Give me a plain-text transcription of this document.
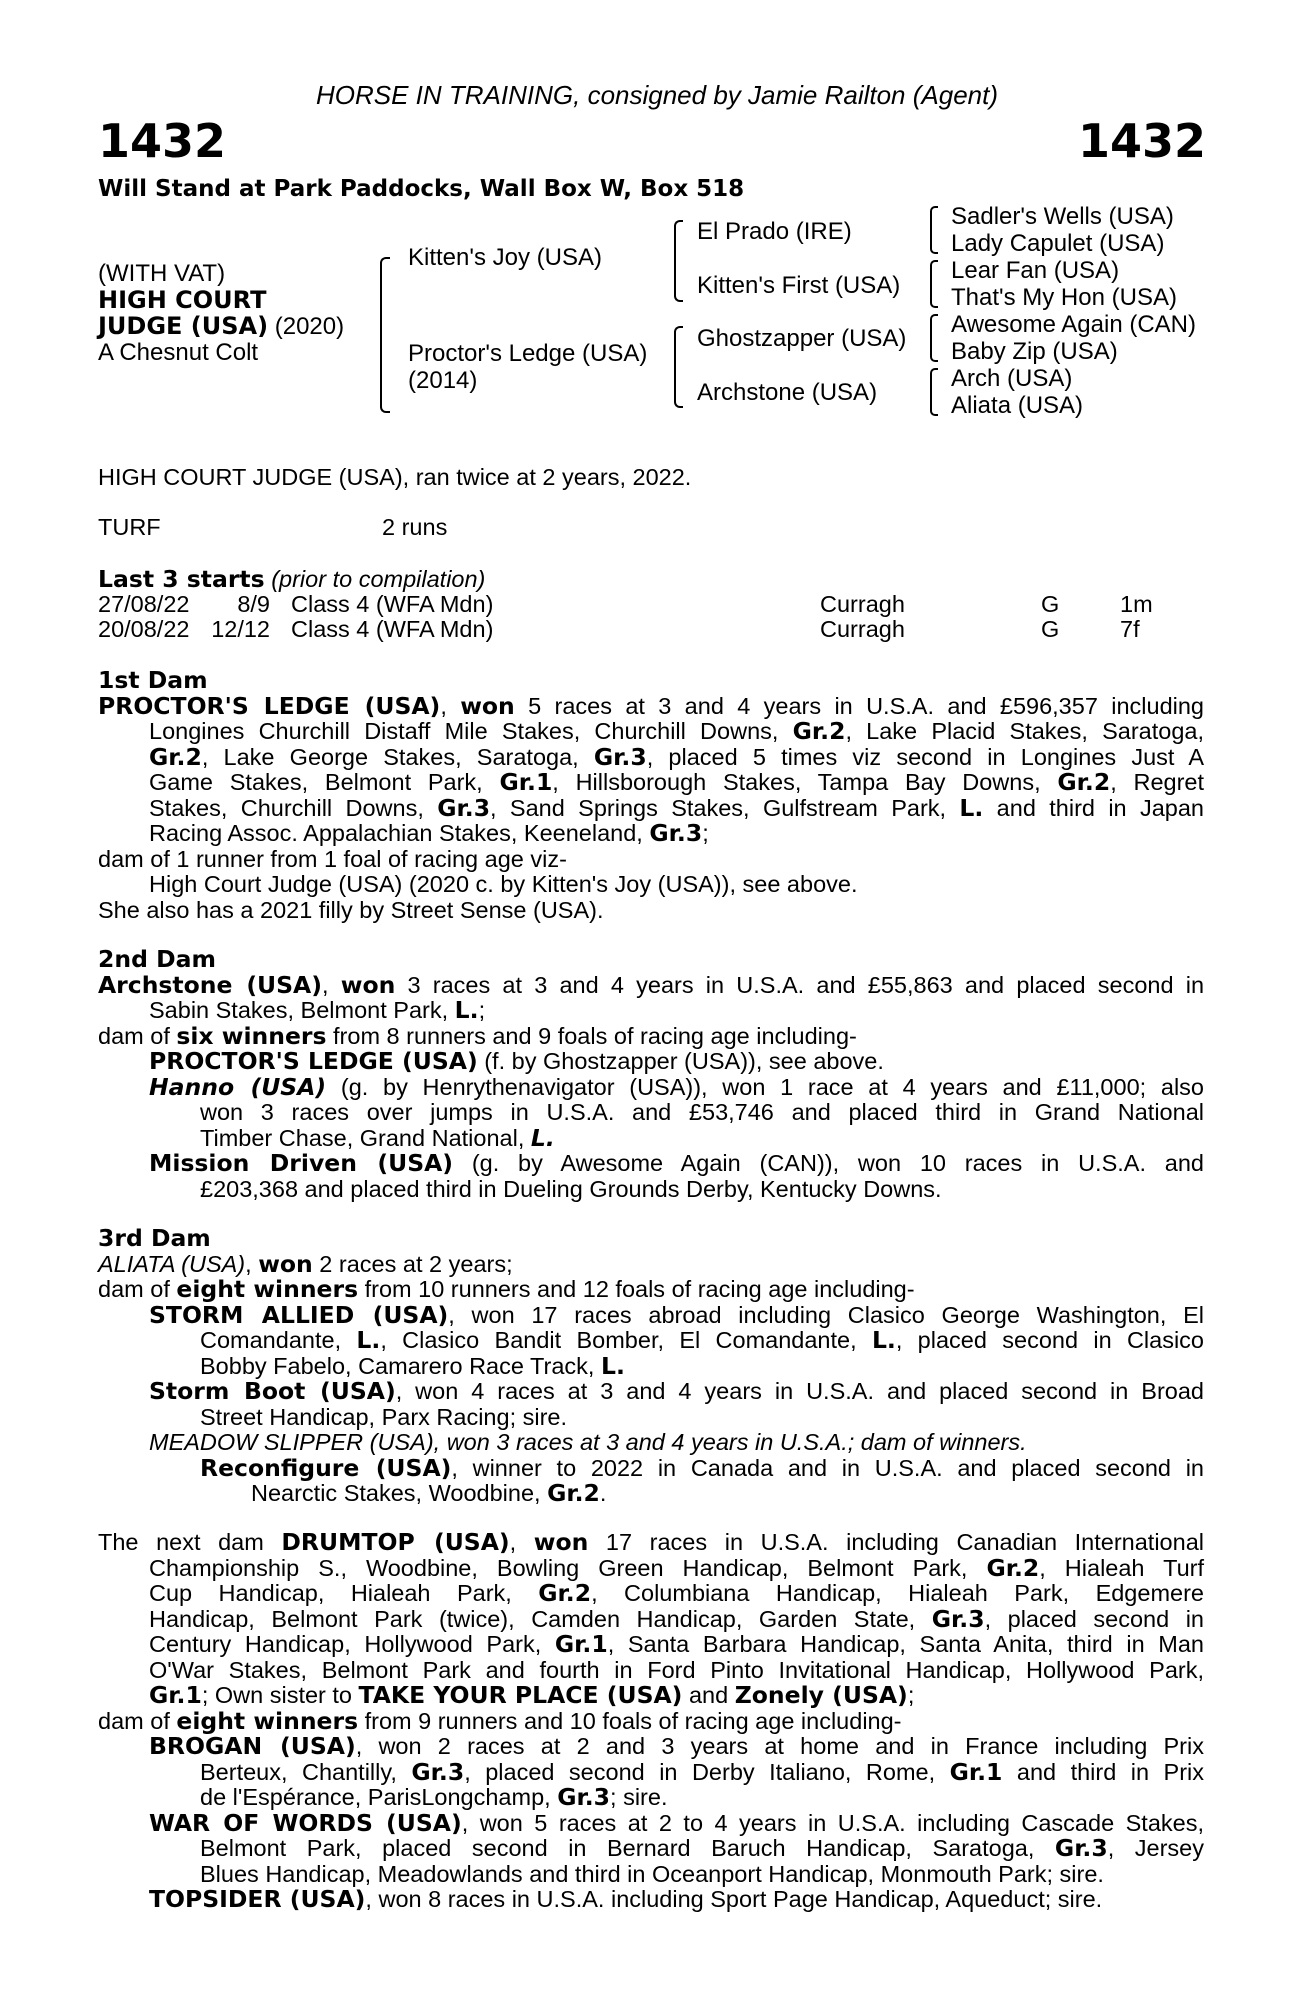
HORSE IN TRAINING, consigned by Jamie Railton (Agent)
1432	1432
Will Stand at Park Paddocks, Wall Box W, Box 518
(WITH VAT)
HIGH COURT
JUDGE (USA) (2020)
A Chesnut Colt
Kitten's Joy (USA)
Proctor's Ledge (USA)
(2014)
El Prado (IRE)
Kitten's First (USA)
Ghostzapper (USA)
Archstone (USA)
Sadler's Wells (USA)
Lady Capulet (USA)
Lear Fan (USA)
That's My Hon (USA)
Awesome Again (CAN)
Baby Zip (USA)
Arch (USA)
Aliata (USA)
HIGH COURT JUDGE (USA), ran twice at 2 years, 2022.
TURF	2 runs
Last 3 starts (prior to compilation)
27/08/22	8/9 Class 4 (WFA Mdn)	Curragh	G	1m
20/08/22 12/12 Class 4 (WFA Mdn)	Curragh	G	7f
1st Dam
PROCTOR'S LEDGE (USA), won 5 races at 3 and 4 years in U.S.A. and £596,357 including
Longines Churchill Distaff Mile Stakes, Churchill Downs, Gr.2, Lake Placid Stakes, Saratoga,
Gr.2, Lake George Stakes, Saratoga, Gr.3, placed 5 times viz second in Longines Just A
Game Stakes, Belmont Park, Gr.1, Hillsborough Stakes, Tampa Bay Downs, Gr.2, Regret
Stakes, Churchill Downs, Gr.3, Sand Springs Stakes, Gulfstream Park, L. and third in Japan
Racing Assoc. Appalachian Stakes, Keeneland, Gr.3;
dam of 1 runner from 1 foal of racing age viz-
High Court Judge (USA) (2020 c. by Kitten's Joy (USA)), see above.
She also has a 2021 filly by Street Sense (USA).
2nd Dam
Archstone (USA), won 3 races at 3 and 4 years in U.S.A. and £55,863 and placed second in
Sabin Stakes, Belmont Park, L.;
dam of six winners from 8 runners and 9 foals of racing age including-
PROCTOR'S LEDGE (USA) (f. by Ghostzapper (USA)), see above.
Hanno (USA) (g. by Henrythenavigator (USA)), won 1 race at 4 years and £11,000; also
won 3 races over jumps in U.S.A. and £53,746 and placed third in Grand National
Timber Chase, Grand National, L.
Mission Driven (USA) (g. by Awesome Again (CAN)), won 10 races in U.S.A. and
£203,368 and placed third in Dueling Grounds Derby, Kentucky Downs.
3rd Dam
ALIATA (USA), won 2 races at 2 years;
dam of eight winners from 10 runners and 12 foals of racing age including-
STORM ALLIED (USA), won 17 races abroad including Clasico George Washington, El
Comandante, L., Clasico Bandit Bomber, El Comandante, L., placed second in Clasico
Bobby Fabelo, Camarero Race Track, L.
Storm Boot (USA), won 4 races at 3 and 4 years in U.S.A. and placed second in Broad
Street Handicap, Parx Racing; sire.
MEADOW SLIPPER (USA), won 3 races at 3 and 4 years in U.S.A.; dam of winners.
Reconfigure (USA), winner to 2022 in Canada and in U.S.A. and placed second in
Nearctic Stakes, Woodbine, Gr.2.
The next dam DRUMTOP (USA), won 17 races in U.S.A. including Canadian International
Championship S., Woodbine, Bowling Green Handicap, Belmont Park, Gr.2, Hialeah Turf
Cup Handicap, Hialeah Park, Gr.2, Columbiana Handicap, Hialeah Park, Edgemere
Handicap, Belmont Park (twice), Camden Handicap, Garden State, Gr.3, placed second in
Century Handicap, Hollywood Park, Gr.1, Santa Barbara Handicap, Santa Anita, third in Man
O'War Stakes, Belmont Park and fourth in Ford Pinto Invitational Handicap, Hollywood Park,
Gr.1; Own sister to TAKE YOUR PLACE (USA) and Zonely (USA);
dam of eight winners from 9 runners and 10 foals of racing age including-
BROGAN (USA), won 2 races at 2 and 3 years at home and in France including Prix
Berteux, Chantilly, Gr.3, placed second in Derby Italiano, Rome, Gr.1 and third in Prix
de l'Espérance, ParisLongchamp, Gr.3; sire.
WAR OF WORDS (USA), won 5 races at 2 to 4 years in U.S.A. including Cascade Stakes,
Belmont Park, placed second in Bernard Baruch Handicap, Saratoga, Gr.3, Jersey
Blues Handicap, Meadowlands and third in Oceanport Handicap, Monmouth Park; sire.
TOPSIDER (USA), won 8 races in U.S.A. including Sport Page Handicap, Aqueduct; sire.
